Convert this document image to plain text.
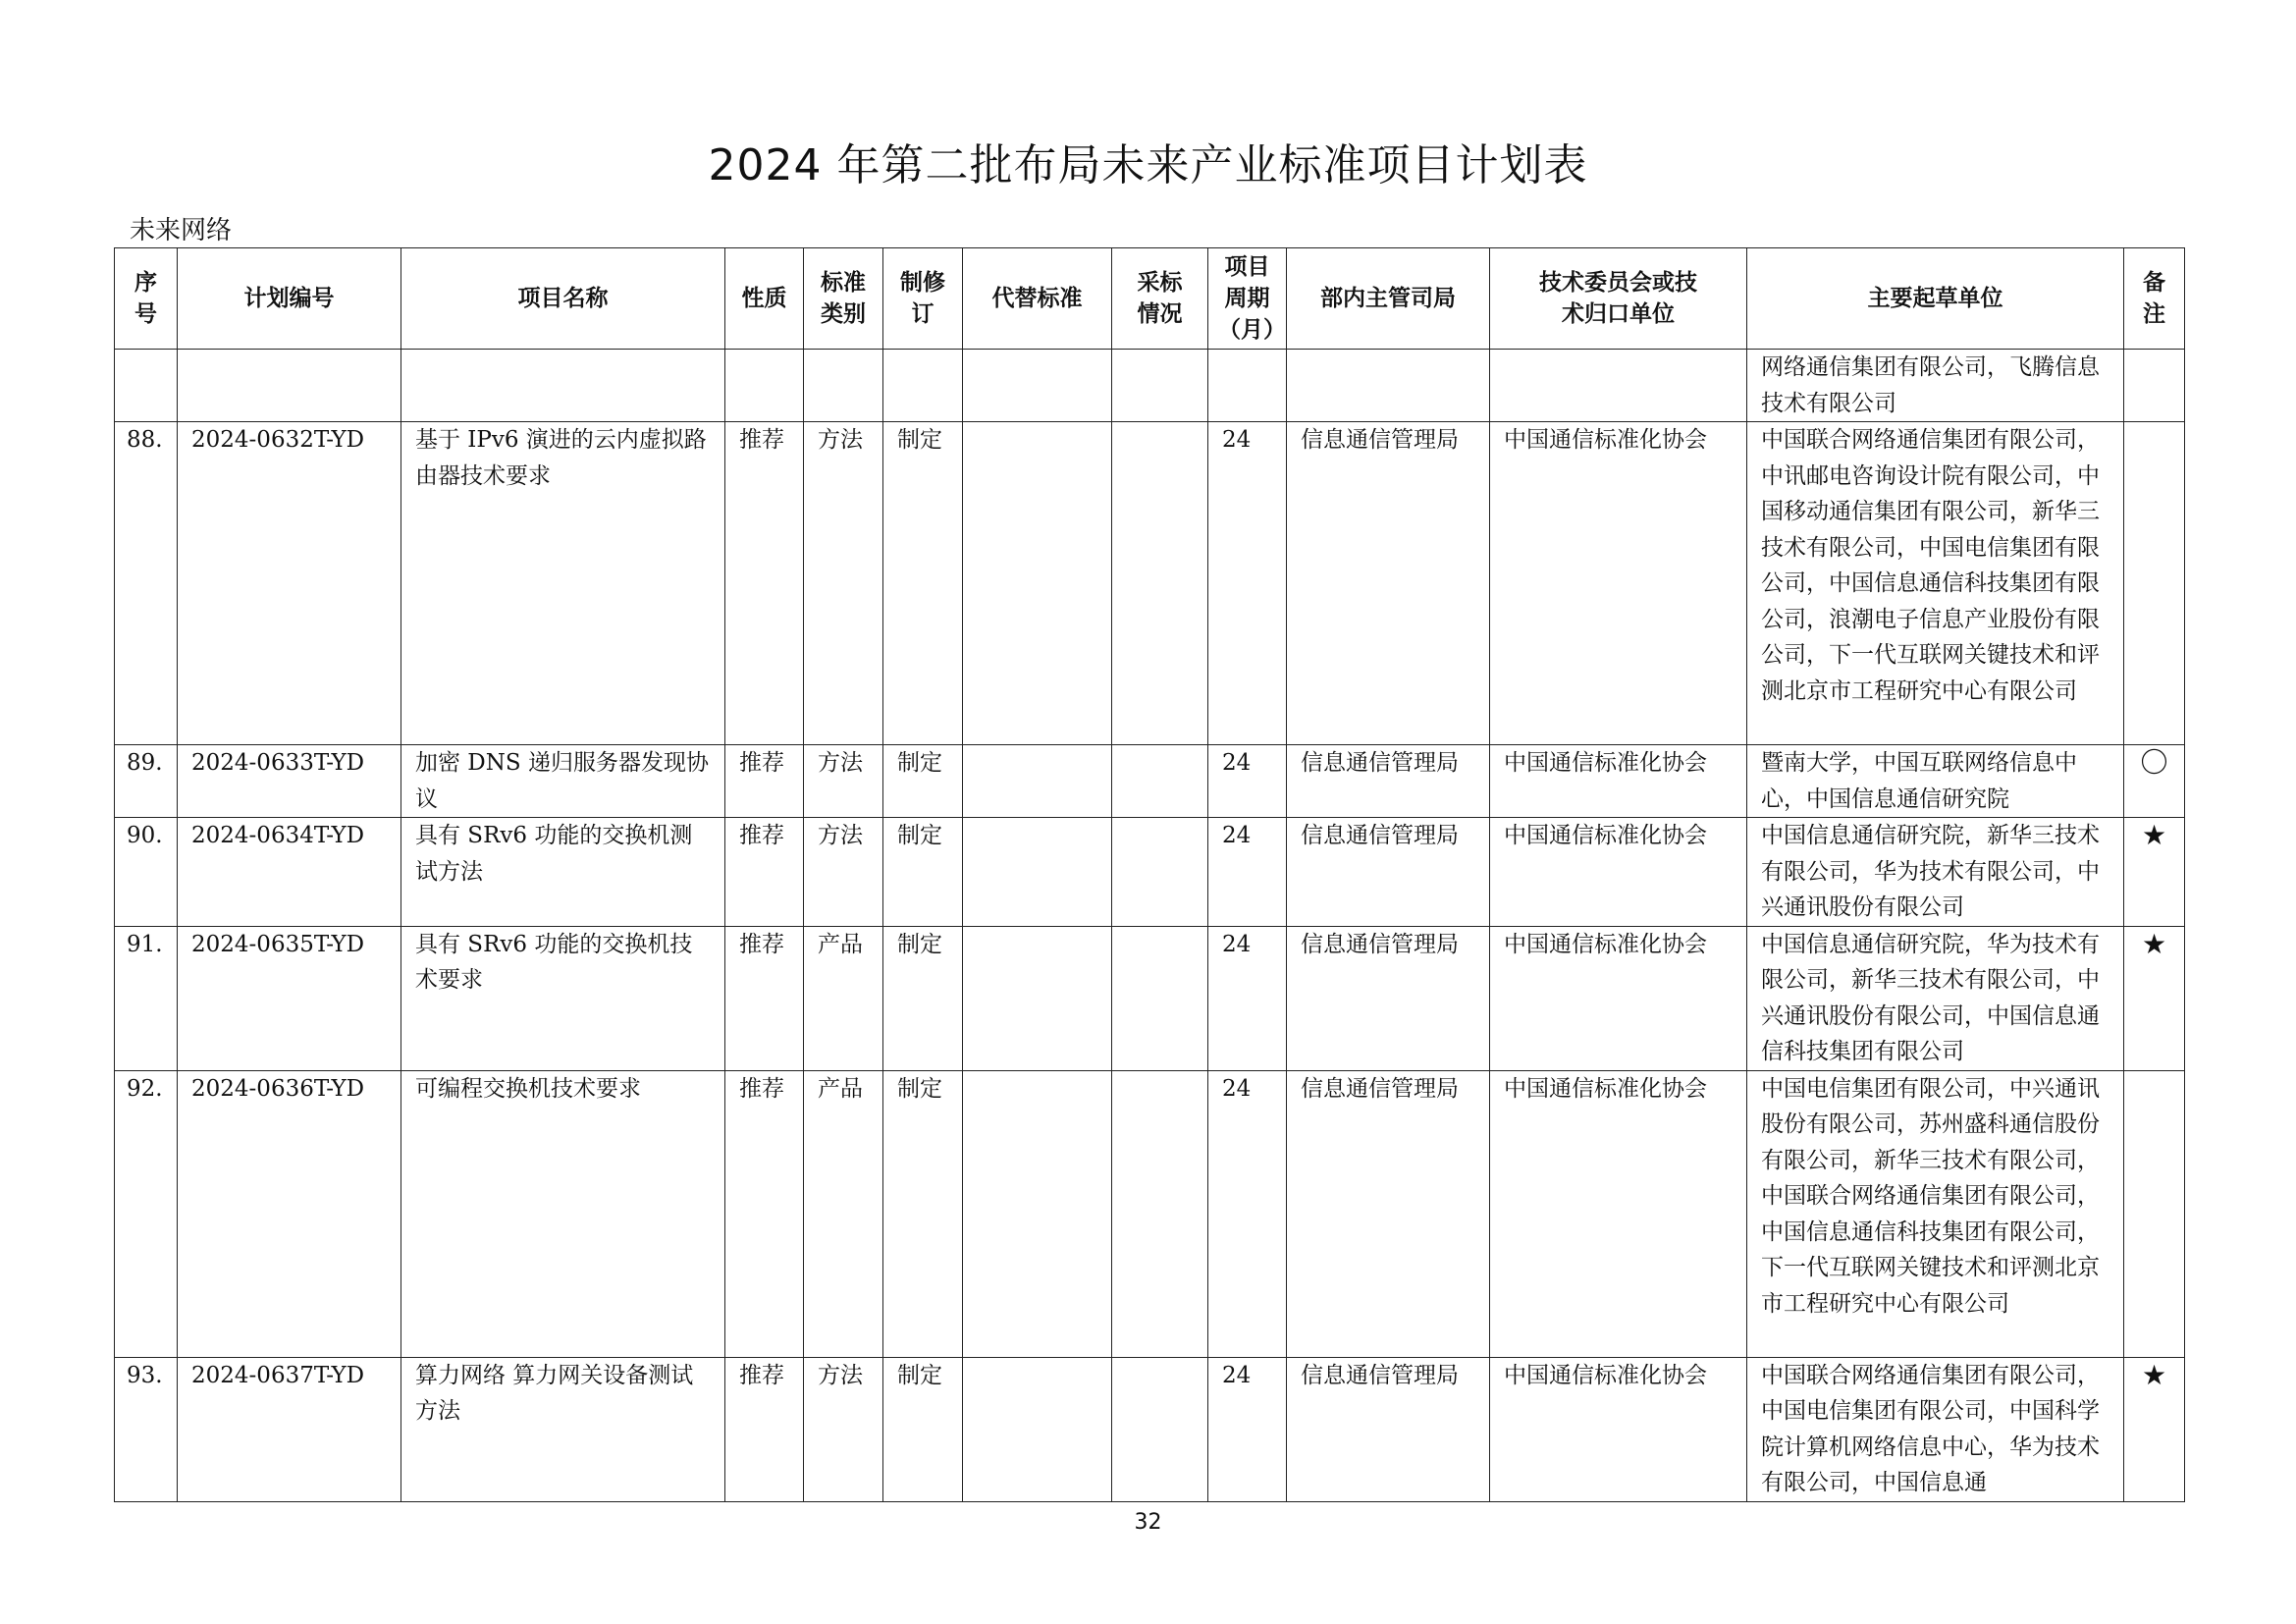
2024 年第二批布局未来产业标准项目计划表
未来网络
序号	计划编号	项目名称	性质	标准类别	制修订	代替标准	采标情况	项目周期（月）	部内主管司局	技术委员会或技术归口单位	主要起草单位	备注
											网络通信集团有限公司，飞腾信息技术有限公司	
88.	2024-0632T-YD	基于 IPv6 演进的云内虚拟路由器技术要求	推荐	方法	制定			24	信息通信管理局	中国通信标准化协会	中国联合网络通信集团有限公司，中讯邮电咨询设计院有限公司，中国移动通信集团有限公司，新华三技术有限公司，中国电信集团有限公司，中国信息通信科技集团有限公司，浪潮电子信息产业股份有限公司，下一代互联网关键技术和评测北京市工程研究中心有限公司	
89.	2024-0633T-YD	加密 DNS 递归服务器发现协议	推荐	方法	制定			24	信息通信管理局	中国通信标准化协会	暨南大学，中国互联网络信息中心，中国信息通信研究院	〇
90.	2024-0634T-YD	具有 SRv6 功能的交换机测试方法	推荐	方法	制定			24	信息通信管理局	中国通信标准化协会	中国信息通信研究院，新华三技术有限公司，华为技术有限公司，中兴通讯股份有限公司	★
91.	2024-0635T-YD	具有 SRv6 功能的交换机技术要求	推荐	产品	制定			24	信息通信管理局	中国通信标准化协会	中国信息通信研究院，华为技术有限公司，新华三技术有限公司，中兴通讯股份有限公司，中国信息通信科技集团有限公司	★
92.	2024-0636T-YD	可编程交换机技术要求	推荐	产品	制定			24	信息通信管理局	中国通信标准化协会	中国电信集团有限公司，中兴通讯股份有限公司，苏州盛科通信股份有限公司，新华三技术有限公司，中国联合网络通信集团有限公司，中国信息通信科技集团有限公司，下一代互联网关键技术和评测北京市工程研究中心有限公司	
93.	2024-0637T-YD	算力网络 算力网关设备测试方法	推荐	方法	制定			24	信息通信管理局	中国通信标准化协会	中国联合网络通信集团有限公司，中国电信集团有限公司，中国科学院计算机网络信息中心，华为技术有限公司，中国信息通	★
32
